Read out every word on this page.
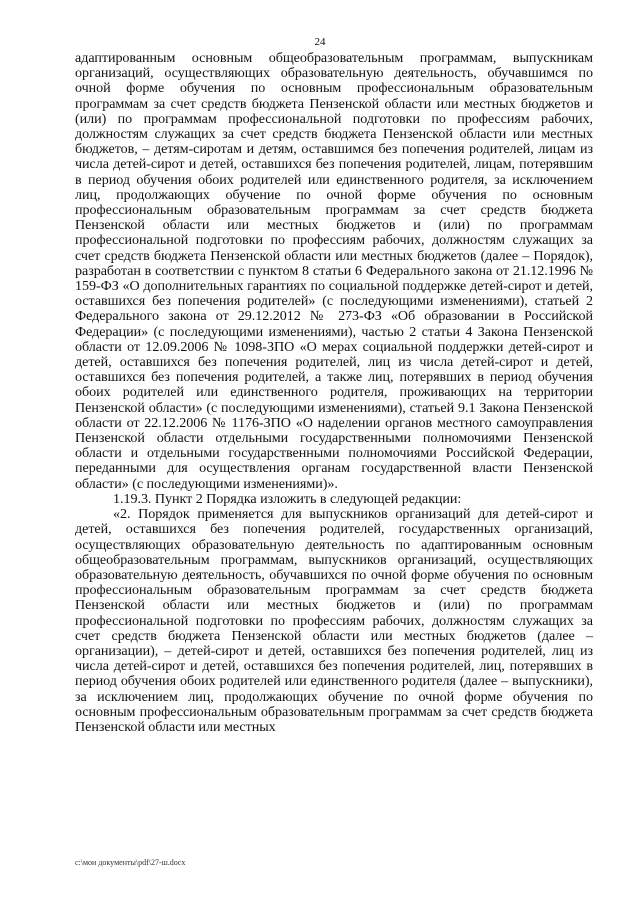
24

адаптированным основным общеобразовательным программам, выпускникам организаций, осуществляющих образовательную деятельность, обучавшимся по очной форме обучения по основным профессиональным образовательным программам за счет средств бюджета Пензенской области или местных бюджетов и (или) по программам профессиональной подготовки по профессиям рабочих, должностям служащих за счет средств бюджета Пензенской области или местных бюджетов, – детям-сиротам и детям, оставшимся без попечения родителей, лицам из числа детей-сирот и детей, оставшихся без попечения родителей, лицам, потерявшим в период обучения обоих родителей или единственного родителя, за исключением лиц, продолжающих обучение по очной форме обучения по основным профессиональным образовательным программам за счет средств бюджета Пензенской области или местных бюджетов и (или) по программам профессиональной подготовки по профессиям рабочих, должностям служащих за счет средств бюджета Пензенской области или местных бюджетов (далее – Порядок), разработан в соответствии с пунктом 8 статьи 6 Федерального закона от 21.12.1996 № 159-ФЗ «О дополнительных гарантиях по социальной поддержке детей-сирот и детей, оставшихся без попечения родителей» (с последующими изменениями), статьей 2 Федерального закона от 29.12.2012 № 273-ФЗ «Об образовании в Российской Федерации» (с последующими изменениями), частью 2 статьи 4 Закона Пензенской области от 12.09.2006 № 1098-ЗПО «О мерах социальной поддержки детей-сирот и детей, оставшихся без попечения родителей, лиц из числа детей-сирот и детей, оставшихся без попечения родителей, а также лиц, потерявших в период обучения обоих родителей или единственного родителя, проживающих на территории Пензенской области» (с последующими изменениями), статьей 9.1 Закона Пензенской области от 22.12.2006 № 1176-ЗПО «О наделении органов местного самоуправления Пензенской области отдельными государственными полномочиями Пензенской области и отдельными государственными полномочиями Российской Федерации, переданными для осуществления органам государственной власти Пензенской области» (с последующими изменениями)».

1.19.3. Пункт 2 Порядка изложить в следующей редакции:

«2. Порядок применяется для выпускников организаций для детей-сирот и детей, оставшихся без попечения родителей, государственных организаций, осуществляющих образовательную деятельность по адаптированным основным общеобразовательным программам, выпускников организаций, осуществляющих образовательную деятельность, обучавшихся по очной форме обучения по основным профессиональным образовательным программам за счет средств бюджета Пензенской области или местных бюджетов и (или) по программам профессиональной подготовки по профессиям рабочих, должностям служащих за счет средств бюджета Пензенской области или местных бюджетов (далее – организации), – детей-сирот и детей, оставшихся без попечения родителей, лиц из числа детей-сирот и детей, оставшихся без попечения родителей, лиц, потерявших в период обучения обоих родителей или единственного родителя (далее – выпускники), за исключением лиц, продолжающих обучение по очной форме обучения по основным профессиональным образовательным программам за счет средств бюджета Пензенской области или местных

c:\мои документы\pdf\27-ш.docx
